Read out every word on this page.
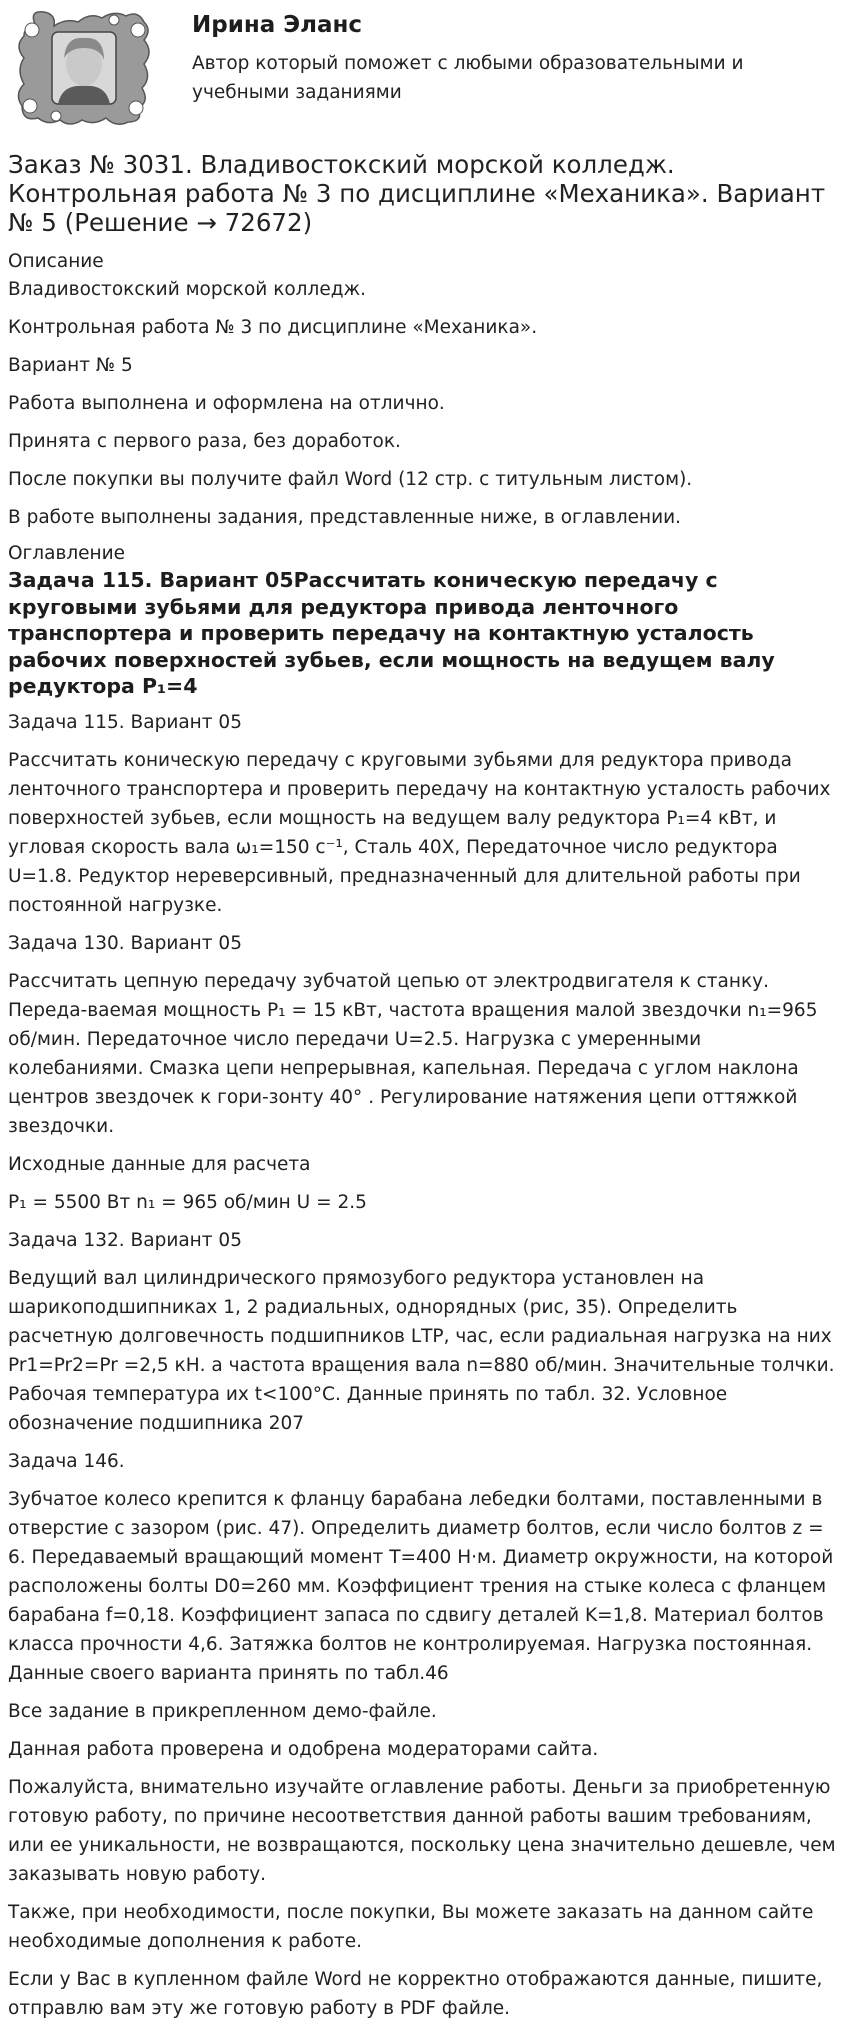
Ирина Эланс
Автор который поможет с любыми образовательными и учебными заданиями
Заказ № 3031. Владивостокский морской колледж. Контрольная работа № 3 по дисциплине «Механика». Вариант № 5 (Решение → 72672)
Описание

Владивостокский морской колледж.

Контрольная работа № 3 по дисциплине «Механика».

Вариант № 5

Работа выполнена и оформлена на отлично.

Принята с первого раза, без доработок.

После покупки вы получите файл Word (12 стр. с титульным листом).

В работе выполнены задания, представленные ниже, в оглавлении.

Оглавление
Задача 115. Вариант 05Рассчитать коническую передачу с круговыми зубьями для редуктора привода ленточного транспортера и проверить передачу на контактную усталость рабочих поверхностей зубьев, если мощность на ведущем валу редуктора P₁=4

Задача 115. Вариант 05

Рассчитать коническую передачу с круговыми зубьями для редуктора привода ленточного транспортера и проверить передачу на контактную усталость рабочих поверхностей зубьев, если мощность на ведущем валу редуктора P₁=4 кВт, и угловая скорость вала ω₁=150 с⁻¹, Сталь 40Х, Передаточное число редуктора U=1.8. Редуктор нереверсивный, предназначенный для длительной работы при постоянной нагрузке.

Задача 130. Вариант 05

Рассчитать цепную передачу зубчатой цепью от электродвигателя к станку. Переда-ваемая мощность P₁ = 15 кВт, частота вращения малой звездочки n₁=965 об/мин. Передаточное число передачи U=2.5. Нагрузка с умеренными колебаниями. Смазка цепи непрерывная, капельная. Передача с углом наклона центров звездочек к гори-зонту 40° . Регулирование натяжения цепи оттяжкой звездочки.

Исходные данные для расчета

P₁ = 5500 Вт n₁ = 965 об/мин U = 2.5

Задача 132. Вариант 05

Ведущий вал цилиндрического прямозубого редуктора установлен на шарикоподшипниках 1, 2 радиальных, однорядных (рис, 35). Определить расчетную долговечность подшипников LТР, час, если радиальная нагрузка на них Pr1=Pr2=Pr =2,5 кН. а частота вращения вала n=880 об/мин. Значительные толчки. Рабочая температура их t<100°С. Данные принять по табл. 32. Условное обозначение подшипника 207

Задача 146.

Зубчатое колесо крепится к фланцу барабана лебедки болтами, поставленными в отверстие с зазором (рис. 47). Определить диаметр болтов, если число болтов z = 6. Передаваемый вращающий момент Т=400 Н·м. Диаметр окружности, на которой расположены болты D0=260 мм. Коэффициент трения на стыке колеса с фланцем барабана f=0,18. Коэффициент запаса по сдвигу деталей K=1,8. Материал болтов класса прочности 4,6. Затяжка болтов не контролируемая. Нагрузка постоянная. Данные своего варианта принять по табл.46

Все задание в прикрепленном демо-файле.

Данная работа проверена и одобрена модераторами сайта.

Пожалуйста, внимательно изучайте оглавление работы. Деньги за приобретенную готовую работу, по причине несоответствия данной работы вашим требованиям, или ее уникальности, не возвращаются, поскольку цена значительно дешевле, чем заказывать новую работу.

Также, при необходимости, после покупки, Вы можете заказать на данном сайте необходимые дополнения к работе.

Если у Вас в купленном файле Word не корректно отображаются данные, пишите, отправлю вам эту же готовую работу в PDF файле.
